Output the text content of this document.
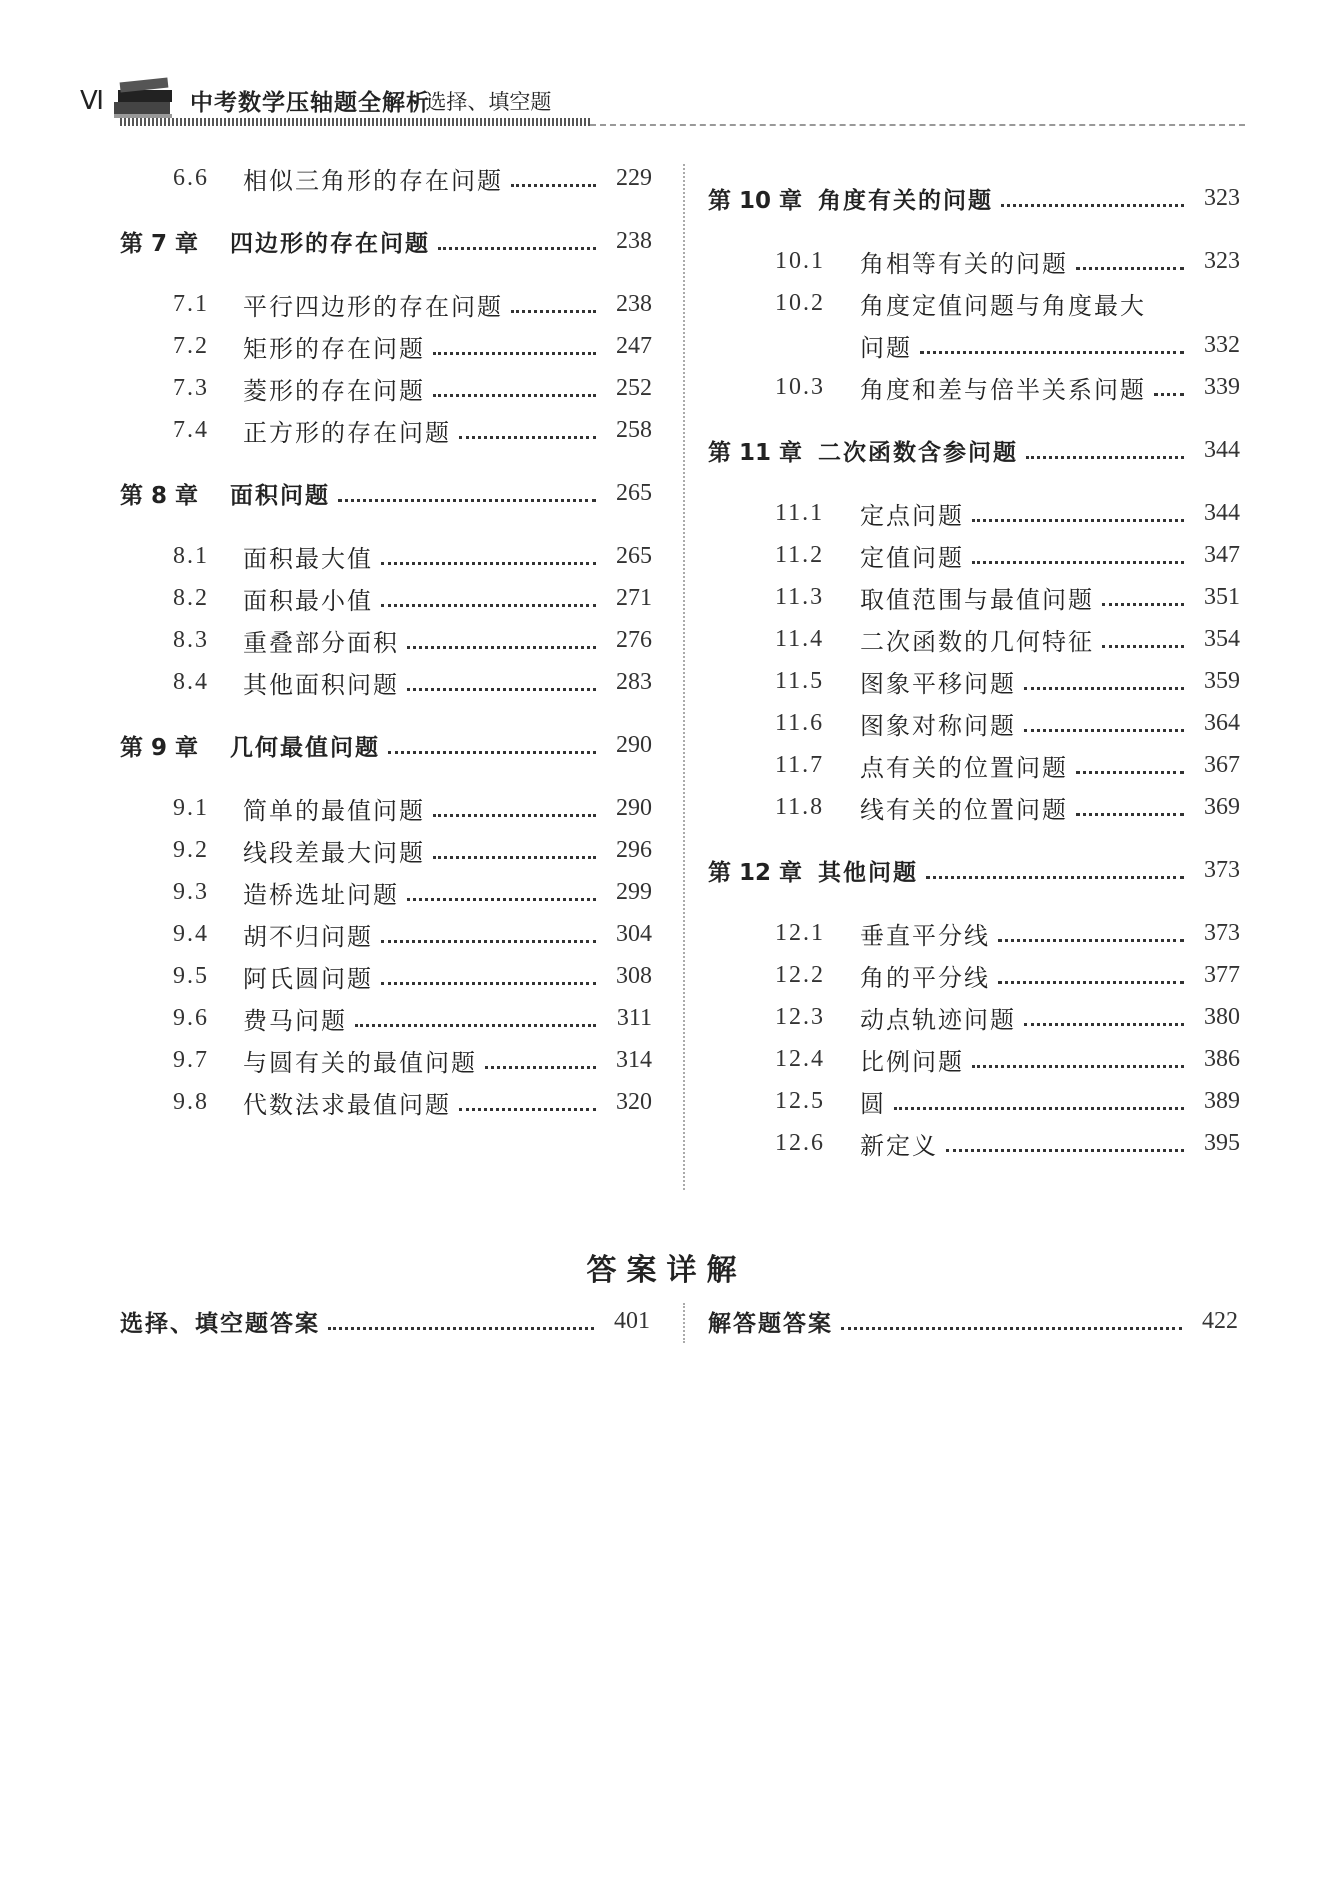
Ⅵ	中考数学压轴题全解析
· 选择、填空题
6.6	相似三角形的存在问题	229
第 7 章	四边形的存在问题	238
7.1	平行四边形的存在问题	238
7.2	矩形的存在问题	247
7.3	菱形的存在问题	252
7.4	正方形的存在问题	258
第 8 章	面积问题	265
8.1	面积最大值	265
8.2	面积最小值	271
8.3	重叠部分面积	276
8.4	其他面积问题	283
第 9 章	几何最值问题	290
9.1	简单的最值问题	290
9.2	线段差最大问题	296
9.3	造桥选址问题	299
9.4	胡不归问题	304
9.5	阿氏圆问题	308
9.6	费马问题	311
9.7	与圆有关的最值问题	314
9.8	代数法求最值问题	320
第 10 章 角度有关的问题	323
10.1	角相等有关的问题	323
10.2	角度定值问题与角度最大
问题	332
10.3	角度和差与倍半关系问题	339
第 11 章 二次函数含参问题	344
11.1	定点问题	344
11.2	定值问题	347
11.3	取值范围与最值问题	351
11.4	二次函数的几何特征	354
11.5	图象平移问题	359
11.6	图象对称问题	364
11.7	点有关的位置问题	367
11.8	线有关的位置问题	369
第 12 章 其他问题	373
12.1	垂直平分线	373
12.2	角的平分线	377
12.3	动点轨迹问题	380
12.4	比例问题	386
12.5	圆	389
12.6	新定义	395
答案详解
选择、填空题答案	401	解答题答案	422
